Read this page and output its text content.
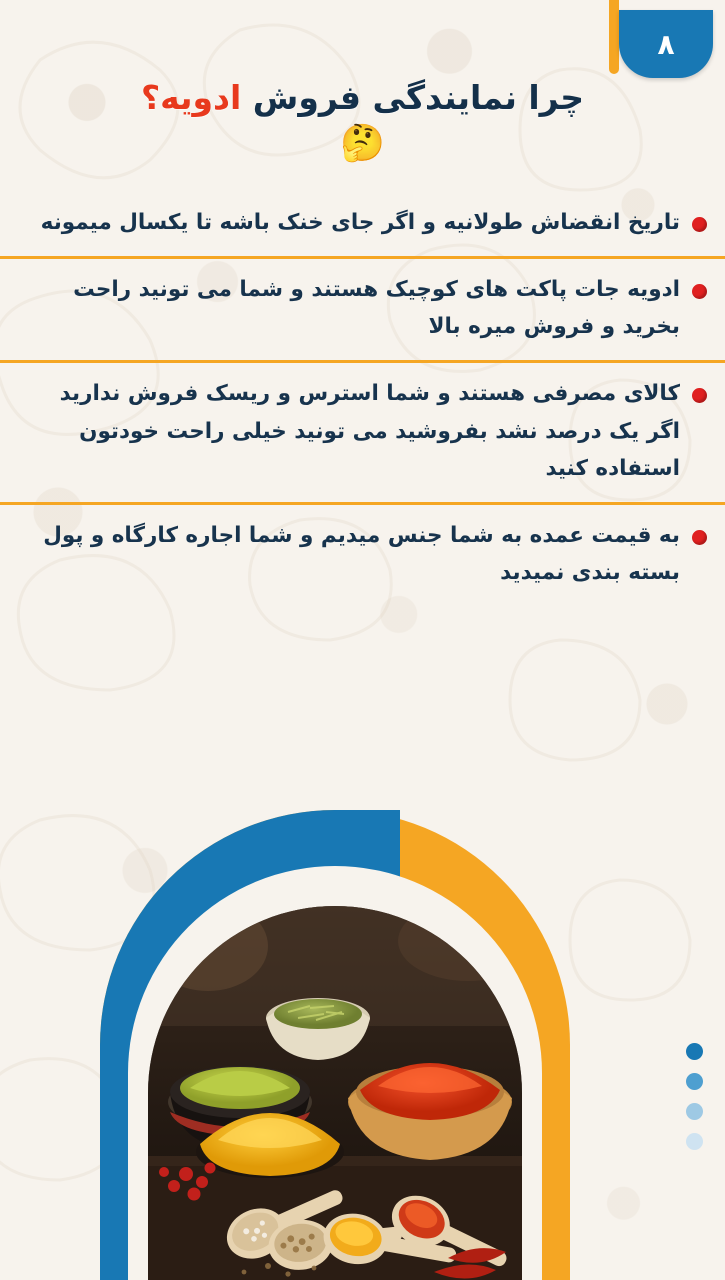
۸
چرا نمایندگی فروش ادویه؟
🤔
تاریخ انقضاش طولانیه و اگر جای خنک باشه تا یکسال میمونه
ادویه جات پاکت های کوچیک هستند و شما می تونید راحت بخرید و فروش میره بالا
کالای مصرفی هستند و شما استرس و ریسک فروش ندارید اگر یک درصد نشد بفروشید می تونید خیلی راحت خودتون استفاده کنید
به قیمت عمده به شما جنس میدیم و شما اجاره کارگاه و پول بسته بندی نمیدید
